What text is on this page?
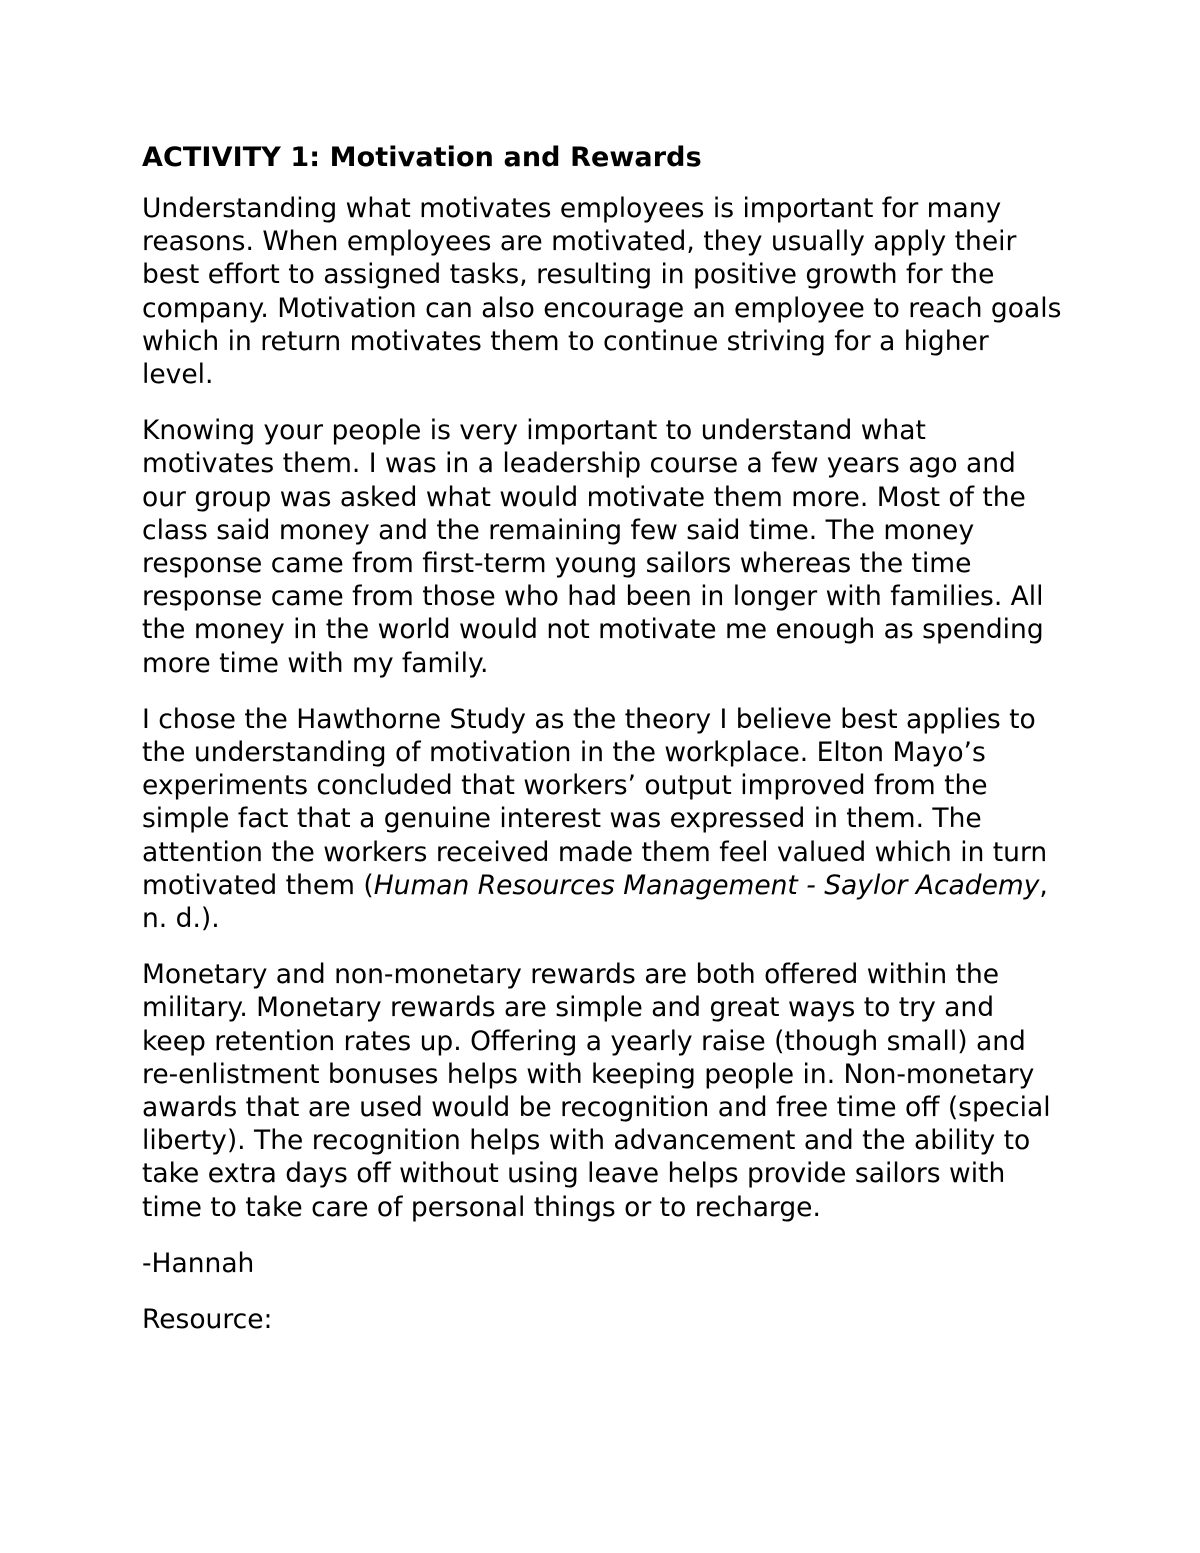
ACTIVITY 1: Motivation and Rewards

Understanding what motivates employees is important for many reasons. When employees are motivated, they usually apply their best effort to assigned tasks, resulting in positive growth for the company. Motivation can also encourage an employee to reach goals which in return motivates them to continue striving for a higher level.

Knowing your people is very important to understand what motivates them. I was in a leadership course a few years ago and our group was asked what would motivate them more. Most of the class said money and the remaining few said time. The money response came from first-term young sailors whereas the time response came from those who had been in longer with families. All the money in the world would not motivate me enough as spending more time with my family.

I chose the Hawthorne Study as the theory I believe best applies to the understanding of motivation in the workplace. Elton Mayo’s experiments concluded that workers’ output improved from the simple fact that a genuine interest was expressed in them. The attention the workers received made them feel valued which in turn motivated them (Human Resources Management - Saylor Academy, n. d.).

Monetary and non-monetary rewards are both offered within the military. Monetary rewards are simple and great ways to try and keep retention rates up. Offering a yearly raise (though small) and re-enlistment bonuses helps with keeping people in. Non-monetary awards that are used would be recognition and free time off (special liberty). The recognition helps with advancement and the ability to take extra days off without using leave helps provide sailors with time to take care of personal things or to recharge.

-Hannah

Resource:
